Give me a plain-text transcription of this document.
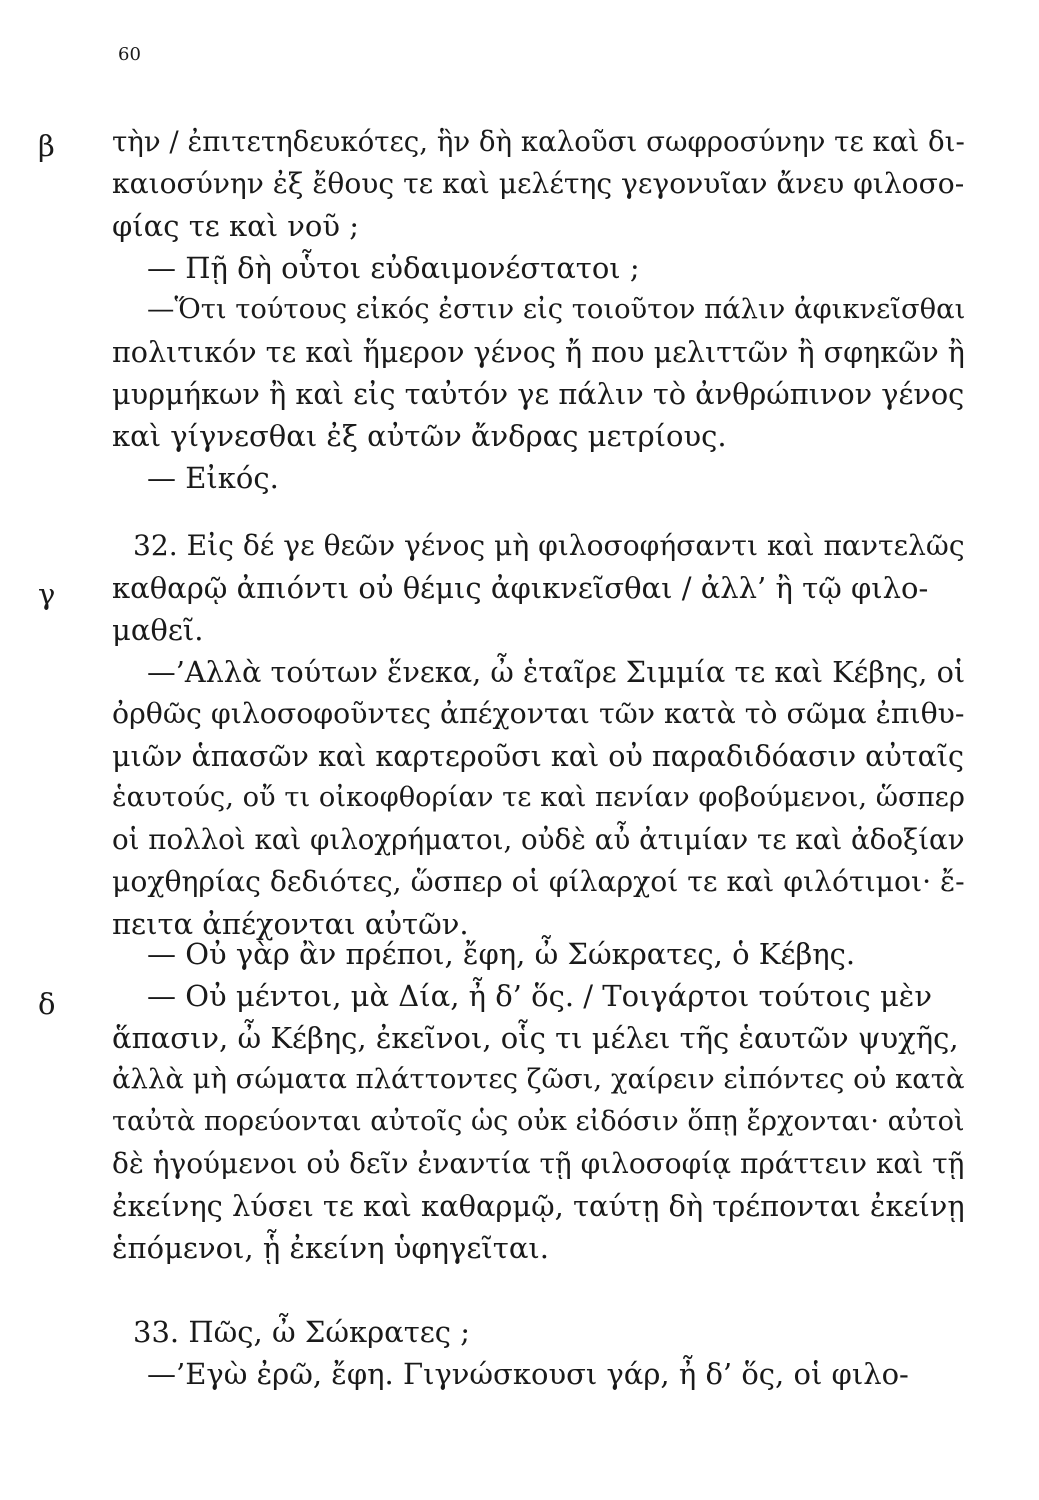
60
β
γ
δ
τὴν / ἐπιτετηδευκότες, ἣν δὴ καλοῦσι σωφροσύνην τε καὶ δι-
καιοσύνην ἐξ ἔθους τε καὶ μελέτης γεγονυῖαν ἄνευ φιλοσο-
φίας τε καὶ νοῦ ;
— Πῇ δὴ οὗτοι εὐδαιμονέστατοι ;
—Ὅτι τούτους εἰκός ἐστιν εἰς τοιοῦτον πάλιν ἀφικνεῖσθαι
πολιτικόν τε καὶ ἥμερον γένος ἤ που μελιττῶν ἢ σφηκῶν ἢ
μυρμήκων ἢ καὶ εἰς ταὐτόν γε πάλιν τὸ ἀνθρώπινον γένος
καὶ γίγνεσθαι ἐξ αὐτῶν ἄνδρας μετρίους.
— Εἰκός.
32. Εἰς δέ γε θεῶν γένος μὴ φιλοσοφήσαντι καὶ παντελῶς
καθαρῷ ἀπιόντι οὐ θέμις ἀφικνεῖσθαι / ἀλλ’ ἢ τῷ φιλο-
μαθεῖ.
—’Αλλὰ τούτων ἕνεκα, ὦ ἑταῖρε Σιμμία τε καὶ Κέβης, οἱ
ὀρθῶς φιλοσοφοῦντες ἀπέχονται τῶν κατὰ τὸ σῶμα ἐπιθυ-
μιῶν ἁπασῶν καὶ καρτεροῦσι καὶ οὐ παραδιδόασιν αὐταῖς
ἑαυτούς, οὔ τι οἰκοφθορίαν τε καὶ πενίαν φοβούμενοι, ὥσπερ
οἱ πολλοὶ καὶ φιλοχρήματοι, οὐδὲ αὖ ἀτιμίαν τε καὶ ἀδοξίαν
μοχθηρίας δεδιότες, ὥσπερ οἱ φίλαρχοί τε καὶ φιλότιμοι· ἔ-
πειτα ἀπέχονται αὐτῶν.
— Οὐ γὰρ ἂν πρέποι, ἔφη, ὦ Σώκρατες, ὁ Κέβης.
— Οὐ μέντοι, μὰ Δία, ἦ δ’ ὅς. / Τοιγάρτοι τούτοις μὲν
ἅπασιν, ὦ Κέβης, ἐκεῖνοι, οἷς τι μέλει τῆς ἑαυτῶν ψυχῆς,
ἀλλὰ μὴ σώματα πλάττοντες ζῶσι, χαίρειν εἰπόντες οὐ κατὰ
ταὐτὰ πορεύονται αὐτοῖς ὡς οὐκ εἰδόσιν ὅπῃ ἔρχονται· αὐτοὶ
δὲ ἡγούμενοι οὐ δεῖν ἐναντία τῇ φιλοσοφίᾳ πράττειν καὶ τῇ
ἐκείνης λύσει τε καὶ καθαρμῷ, ταύτῃ δὴ τρέπονται ἐκείνῃ
ἑπόμενοι, ᾗ ἐκείνη ὑφηγεῖται.
33. Πῶς, ὦ Σώκρατες ;
—’Εγὼ ἐρῶ, ἔφη. Γιγνώσκουσι γάρ, ἦ δ’ ὅς, οἱ φιλο-
